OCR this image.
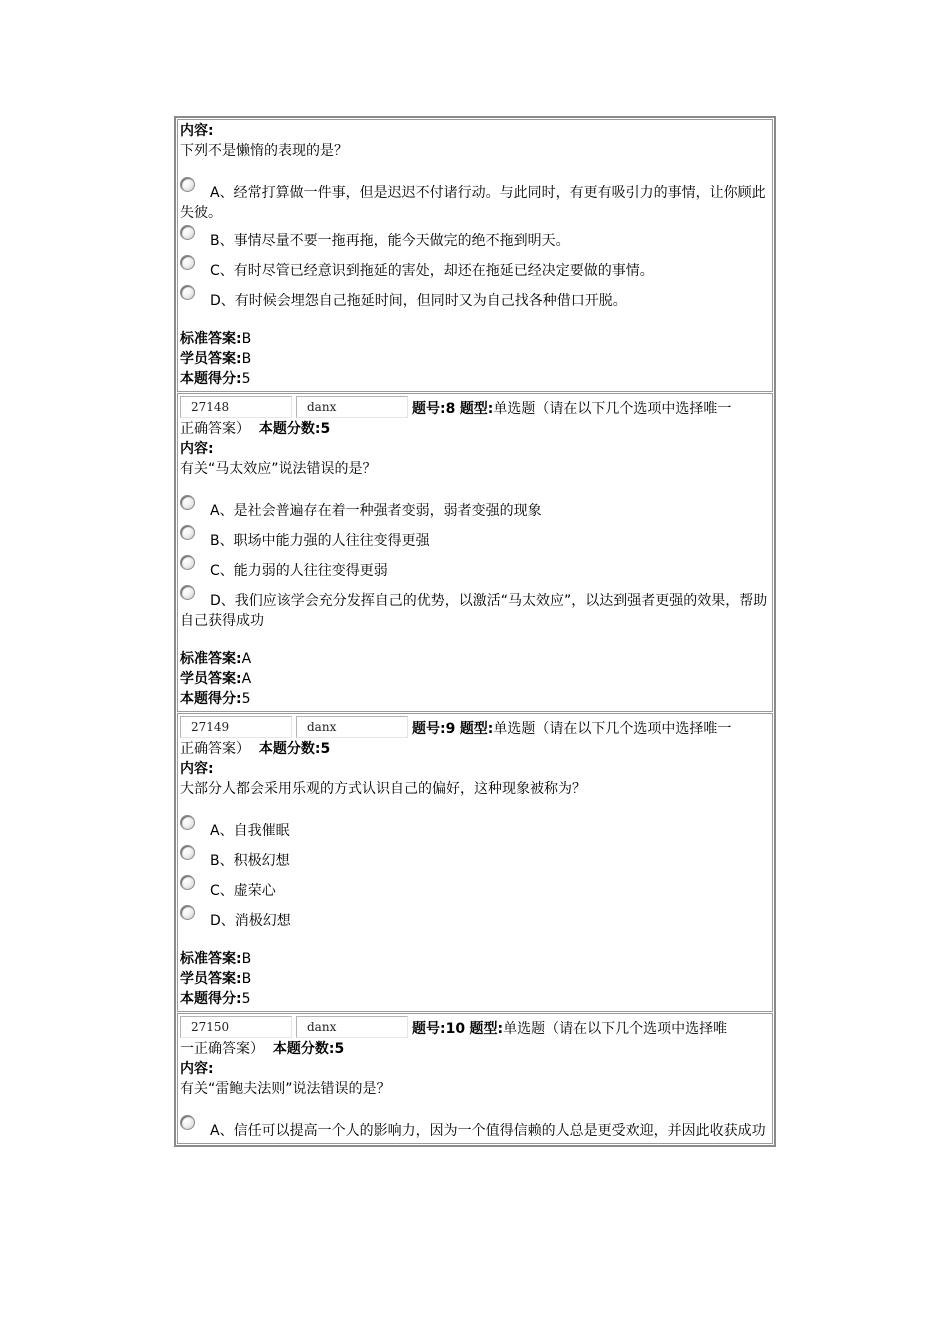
内容:
下列不是懒惰的表现的是？
A、经常打算做一件事，但是迟迟不付诸行动。与此同时，有更有吸引力的事情，让你顾此失彼。
B、事情尽量不要一拖再拖，能今天做完的绝不拖到明天。
C、有时尽管已经意识到拖延的害处，却还在拖延已经决定要做的事情。
D、有时候会埋怨自己拖延时间，但同时又为自己找各种借口开脱。
标准答案:B
学员答案:B
本题得分:5
27148	danx	题号:8 题型:单选题（请在以下几个选项中选择唯一
正确答案） 本题分数:5
内容:
有关“马太效应”说法错误的是？
A、是社会普遍存在着一种强者变弱，弱者变强的现象
B、职场中能力强的人往往变得更强
C、能力弱的人往往变得更弱
D、我们应该学会充分发挥自己的优势，以激活“马太效应”，以达到强者更强的效果，帮助自己获得成功
标准答案:A
学员答案:A
本题得分:5
27149	danx	题号:9 题型:单选题（请在以下几个选项中选择唯一
正确答案） 本题分数:5
内容:
大部分人都会采用乐观的方式认识自己的偏好，这种现象被称为？
A、自我催眠
B、积极幻想
C、虚荣心
D、消极幻想
标准答案:B
学员答案:B
本题得分:5
27150	danx	题号:10 题型:单选题（请在以下几个选项中选择唯
一正确答案） 本题分数:5
内容:
有关“雷鲍夫法则”说法错误的是？
A、信任可以提高一个人的影响力，因为一个值得信赖的人总是更受欢迎，并因此收获成功
